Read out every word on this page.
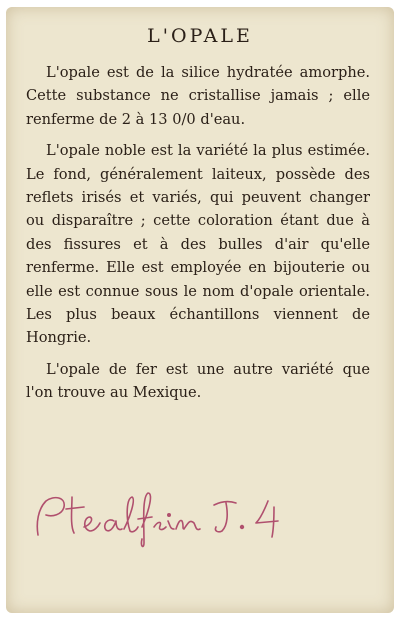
L'OPALE

L'opale est de la silice hydratée amorphe. Cette substance ne cristallise jamais ; elle renferme de 2 à 13 0/0 d'eau.

L'opale noble est la variété la plus estimée. Le fond, généralement laiteux, possède des reflets irisés et variés, qui peuvent changer ou disparaître ; cette coloration étant due à des fissures et à des bulles d'air qu'elle renferme. Elle est employée en bijouterie ou elle est connue sous le nom d'opale orientale. Les plus beaux échantillons viennent de Hongrie.

L'opale de fer est une autre variété que l'on trouve au Mexique.
